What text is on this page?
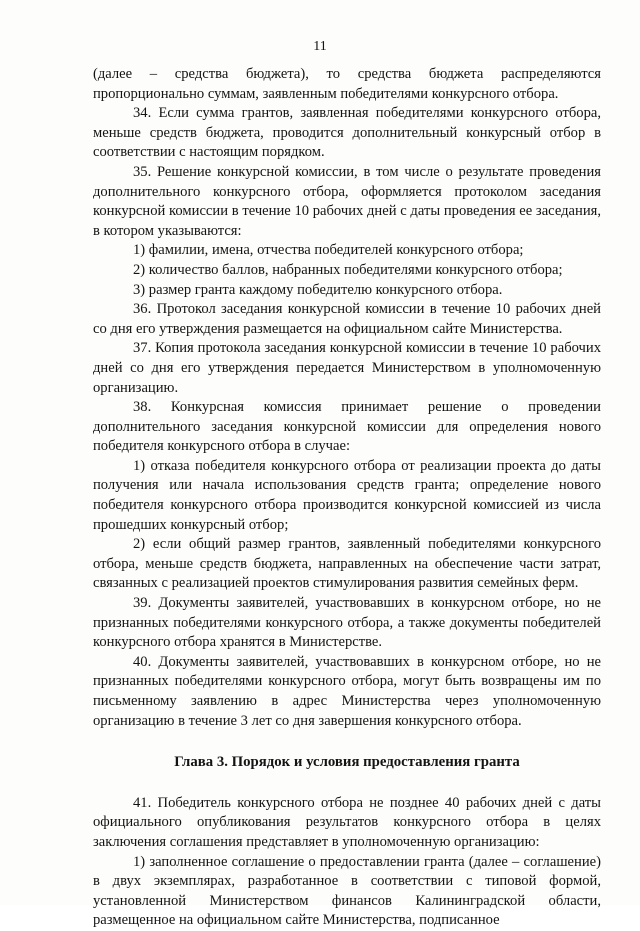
11

(далее – средства бюджета), то средства бюджета распределяются пропорционально суммам, заявленным победителями конкурсного отбора.

34. Если сумма грантов, заявленная победителями конкурсного отбора, меньше средств бюджета, проводится дополнительный конкурсный отбор в соответствии с настоящим порядком.

35. Решение конкурсной комиссии, в том числе о результате проведения дополнительного конкурсного отбора, оформляется протоколом заседания конкурсной комиссии в течение 10 рабочих дней с даты проведения ее заседания, в котором указываются:

1) фамилии, имена, отчества победителей конкурсного отбора;

2) количество баллов, набранных победителями конкурсного отбора;

3) размер гранта каждому победителю конкурсного отбора.

36. Протокол заседания конкурсной комиссии в течение 10 рабочих дней со дня его утверждения размещается на официальном сайте Министерства.

37. Копия протокола заседания конкурсной комиссии в течение 10 рабочих дней со дня его утверждения передается Министерством в уполномоченную организацию.

38. Конкурсная комиссия принимает решение о проведении дополнительного заседания конкурсной комиссии для определения нового победителя конкурсного отбора в случае:

1) отказа победителя конкурсного отбора от реализации проекта до даты получения или начала использования средств гранта; определение нового победителя конкурсного отбора производится конкурсной комиссией из числа прошедших конкурсный отбор;

2) если общий размер грантов, заявленный победителями конкурсного отбора, меньше средств бюджета, направленных на обеспечение части затрат, связанных с реализацией проектов стимулирования развития семейных ферм.

39. Документы заявителей, участвовавших в конкурсном отборе, но не признанных победителями конкурсного отбора, а также документы победителей конкурсного отбора хранятся в Министерстве.

40. Документы заявителей, участвовавших в конкурсном отборе, но не признанных победителями конкурсного отбора, могут быть возвращены им по письменному заявлению в адрес Министерства через уполномоченную организацию в течение 3 лет со дня завершения конкурсного отбора.

Глава 3. Порядок и условия предоставления гранта

41. Победитель конкурсного отбора не позднее 40 рабочих дней с даты официального опубликования результатов конкурсного отбора в целях заключения соглашения представляет в уполномоченную организацию:

1) заполненное соглашение о предоставлении гранта (далее – соглашение) в двух экземплярах, разработанное в соответствии с типовой формой, установленной Министерством финансов Калининградской области, размещенное на официальном сайте Министерства, подписанное
